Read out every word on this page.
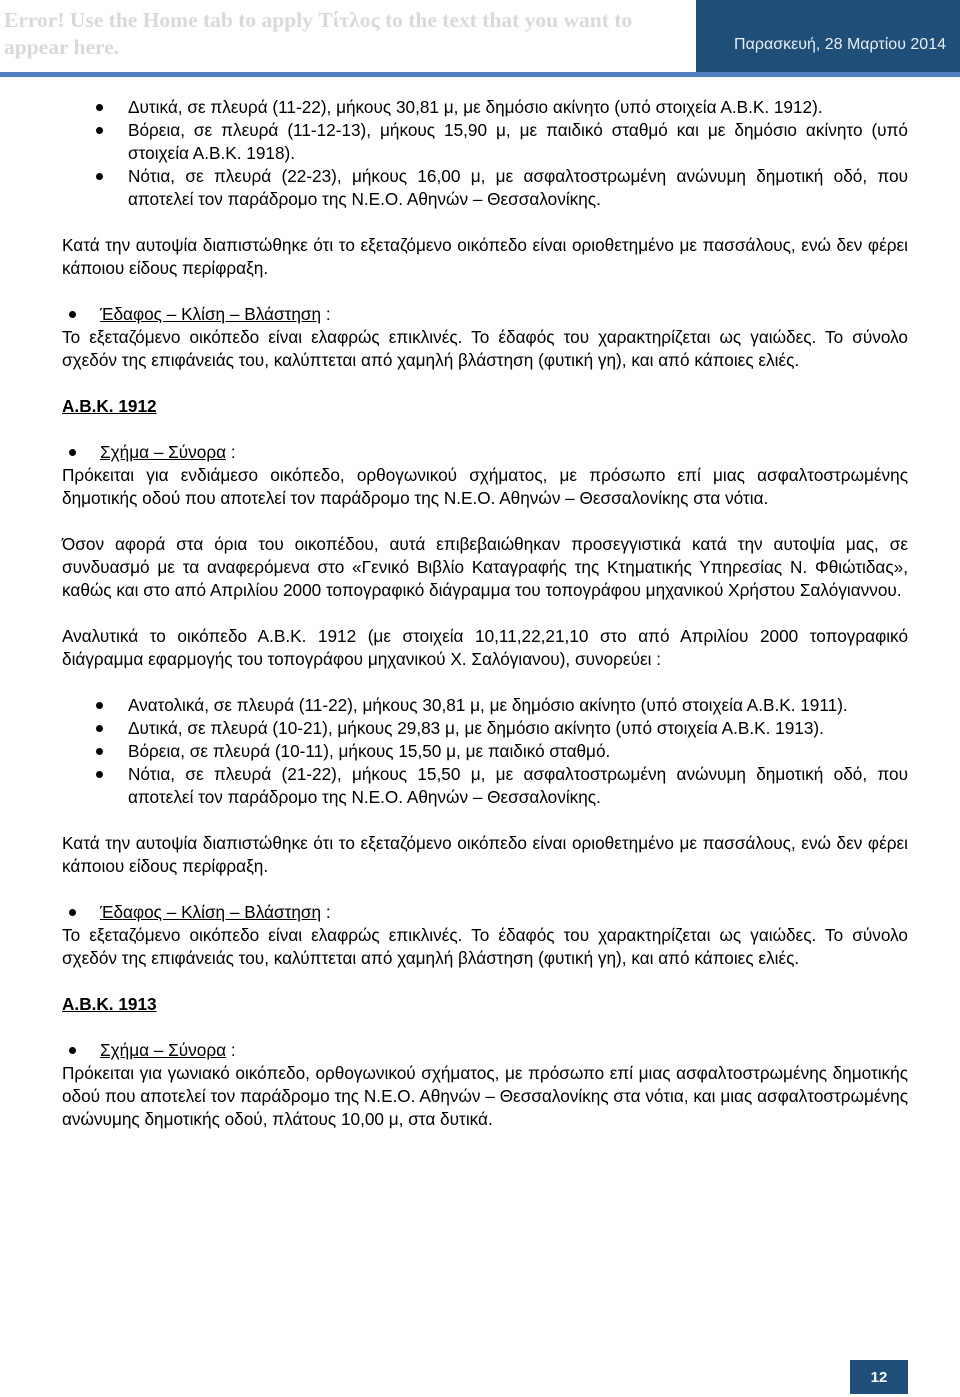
Error! Use the Home tab to apply Τίτλος to the text that you want to appear here.	Παρασκευή, 28 Μαρτίου 2014
Δυτικά, σε πλευρά (11-22), μήκους 30,81 μ, με δημόσιο ακίνητο (υπό στοιχεία Α.Β.Κ. 1912).
Βόρεια, σε πλευρά (11-12-13), μήκους 15,90 μ, με παιδικό σταθμό και με δημόσιο ακίνητο (υπό στοιχεία Α.Β.Κ. 1918).
Νότια, σε πλευρά (22-23), μήκους 16,00 μ, με ασφαλτοστρωμένη ανώνυμη δημοτική οδό, που αποτελεί τον παράδρομο της Ν.Ε.Ο. Αθηνών – Θεσσαλονίκης.

Κατά την αυτοψία διαπιστώθηκε ότι το εξεταζόμενο οικόπεδο είναι οριοθετημένο με πασσάλους, ενώ δεν φέρει κάποιου είδους περίφραξη.

Έδαφος – Κλίση – Βλάστηση :

Το εξεταζόμενο οικόπεδο είναι ελαφρώς επικλινές. Το έδαφός του χαρακτηρίζεται ως γαιώδες. Το σύνολο σχεδόν της επιφάνειάς του, καλύπτεται από χαμηλή βλάστηση (φυτική γη), και από κάποιες ελιές.

Α.Β.Κ. 1912

Σχήμα – Σύνορα :

Πρόκειται για ενδιάμεσο οικόπεδο, ορθογωνικού σχήματος, με πρόσωπο επί μιας ασφαλτοστρωμένης δημοτικής οδού που αποτελεί τον παράδρομο της Ν.Ε.Ο. Αθηνών – Θεσσαλονίκης στα νότια.

Όσον αφορά στα όρια του οικοπέδου, αυτά επιβεβαιώθηκαν προσεγγιστικά κατά την αυτοψία μας, σε συνδυασμό με τα αναφερόμενα στο «Γενικό Βιβλίο Καταγραφής της Κτηματικής Υπηρεσίας Ν. Φθιώτιδας», καθώς και στο από Απριλίου 2000 τοπογραφικό διάγραμμα του τοπογράφου μηχανικού Χρήστου Σαλόγιαννου.

Αναλυτικά το οικόπεδο Α.Β.Κ. 1912 (με στοιχεία 10,11,22,21,10 στο από Απριλίου 2000 τοπογραφικό διάγραμμα εφαρμογής του τοπογράφου μηχανικού Χ. Σαλόγιανου), συνορεύει :

Ανατολικά, σε πλευρά (11-22), μήκους 30,81 μ, με δημόσιο ακίνητο (υπό στοιχεία Α.Β.Κ. 1911).
Δυτικά, σε πλευρά (10-21), μήκους 29,83 μ, με δημόσιο ακίνητο (υπό στοιχεία Α.Β.Κ. 1913).
Βόρεια, σε πλευρά (10-11), μήκους 15,50 μ, με παιδικό σταθμό.
Νότια, σε πλευρά (21-22), μήκους 15,50 μ, με ασφαλτοστρωμένη ανώνυμη δημοτική οδό, που αποτελεί τον παράδρομο της Ν.Ε.Ο. Αθηνών – Θεσσαλονίκης.

Κατά την αυτοψία διαπιστώθηκε ότι το εξεταζόμενο οικόπεδο είναι οριοθετημένο με πασσάλους, ενώ δεν φέρει κάποιου είδους περίφραξη.

Έδαφος – Κλίση – Βλάστηση :

Το εξεταζόμενο οικόπεδο είναι ελαφρώς επικλινές. Το έδαφός του χαρακτηρίζεται ως γαιώδες. Το σύνολο σχεδόν της επιφάνειάς του, καλύπτεται από χαμηλή βλάστηση (φυτική γη), και από κάποιες ελιές.

Α.Β.Κ. 1913

Σχήμα – Σύνορα :

Πρόκειται για γωνιακό οικόπεδο, ορθογωνικού σχήματος, με πρόσωπο επί μιας ασφαλτοστρωμένης δημοτικής οδού που αποτελεί τον παράδρομο της Ν.Ε.Ο. Αθηνών – Θεσσαλονίκης στα νότια, και μιας ασφαλτοστρωμένης ανώνυμης δημοτικής οδού, πλάτους 10,00 μ, στα δυτικά.

12
